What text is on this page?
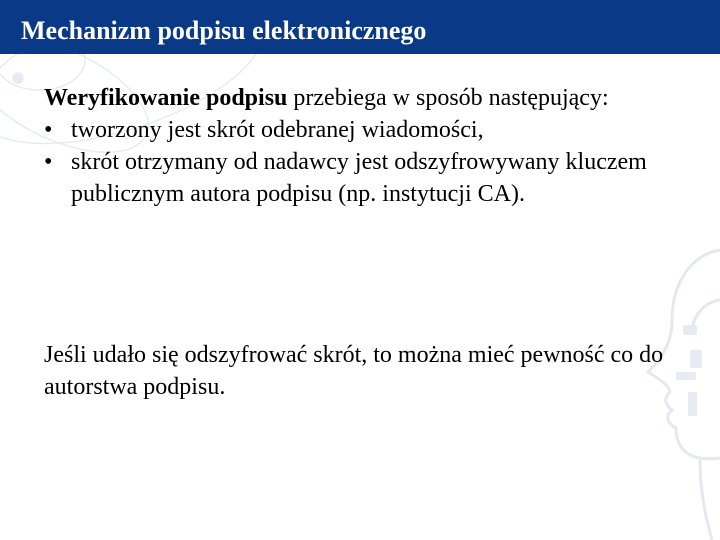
Mechanizm podpisu elektronicznego

Weryfikowanie podpisu przebiega w sposób następujący:

• tworzony jest skrót odebranej wiadomości,
• skrót otrzymany od nadawcy jest odszyfrowywany kluczem publicznym autora podpisu (np. instytucji CA).

Jeśli udało się odszyfrować skrót, to można mieć pewność co do autorstwa podpisu.
